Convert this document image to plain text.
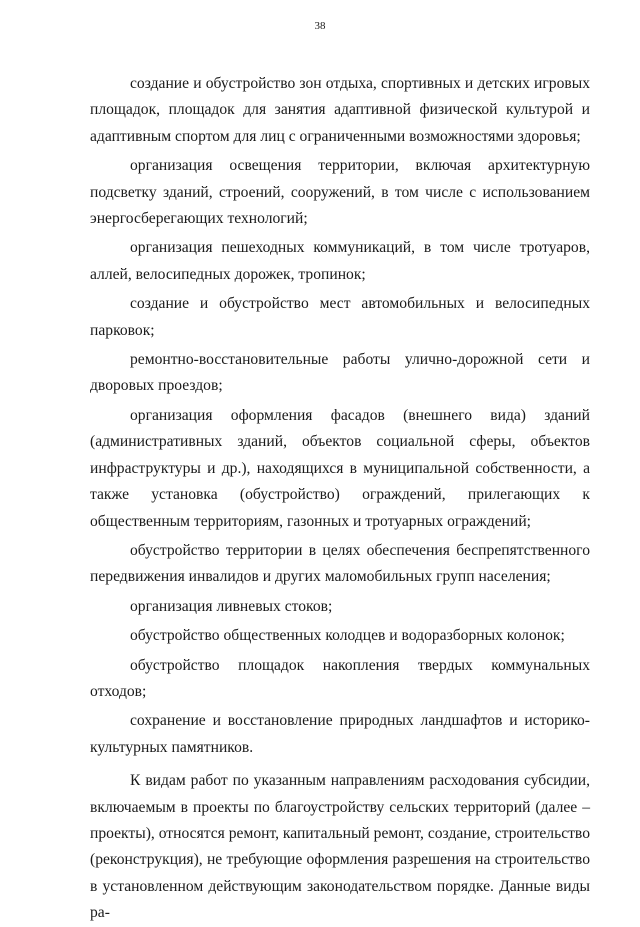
38

создание и обустройство зон отдыха, спортивных и детских игровых площадок, площадок для занятия адаптивной физической культурой и адаптивным спортом для лиц с ограниченными возможностями здоровья;

организация освещения территории, включая архитектурную подсветку зданий, строений, сооружений, в том числе с использованием энергосберегающих технологий;

организация пешеходных коммуникаций, в том числе тротуаров, аллей, велосипедных дорожек, тропинок;

создание и обустройство мест автомобильных и велосипедных парковок;

ремонтно-восстановительные работы улично-дорожной сети и дворовых проездов;

организация оформления фасадов (внешнего вида) зданий (административных зданий, объектов социальной сферы, объектов инфраструктуры и др.), находящихся в муниципальной собственности, а также установка (обустройство) ограждений, прилегающих к общественным территориям, газонных и тротуарных ограждений;

обустройство территории в целях обеспечения беспрепятственного передвижения инвалидов и других маломобильных групп населения;

организация ливневых стоков;

обустройство общественных колодцев и водоразборных колонок;

обустройство площадок накопления твердых коммунальных отходов;

сохранение и восстановление природных ландшафтов и историко-культурных памятников.

К видам работ по указанным направлениям расходования субсидии, включаемым в проекты по благоустройству сельских территорий (далее – проекты), относятся ремонт, капитальный ремонт, создание, строительство (реконструкция), не требующие оформления разрешения на строительство в установленном действующим законодательством порядке. Данные виды ра-
